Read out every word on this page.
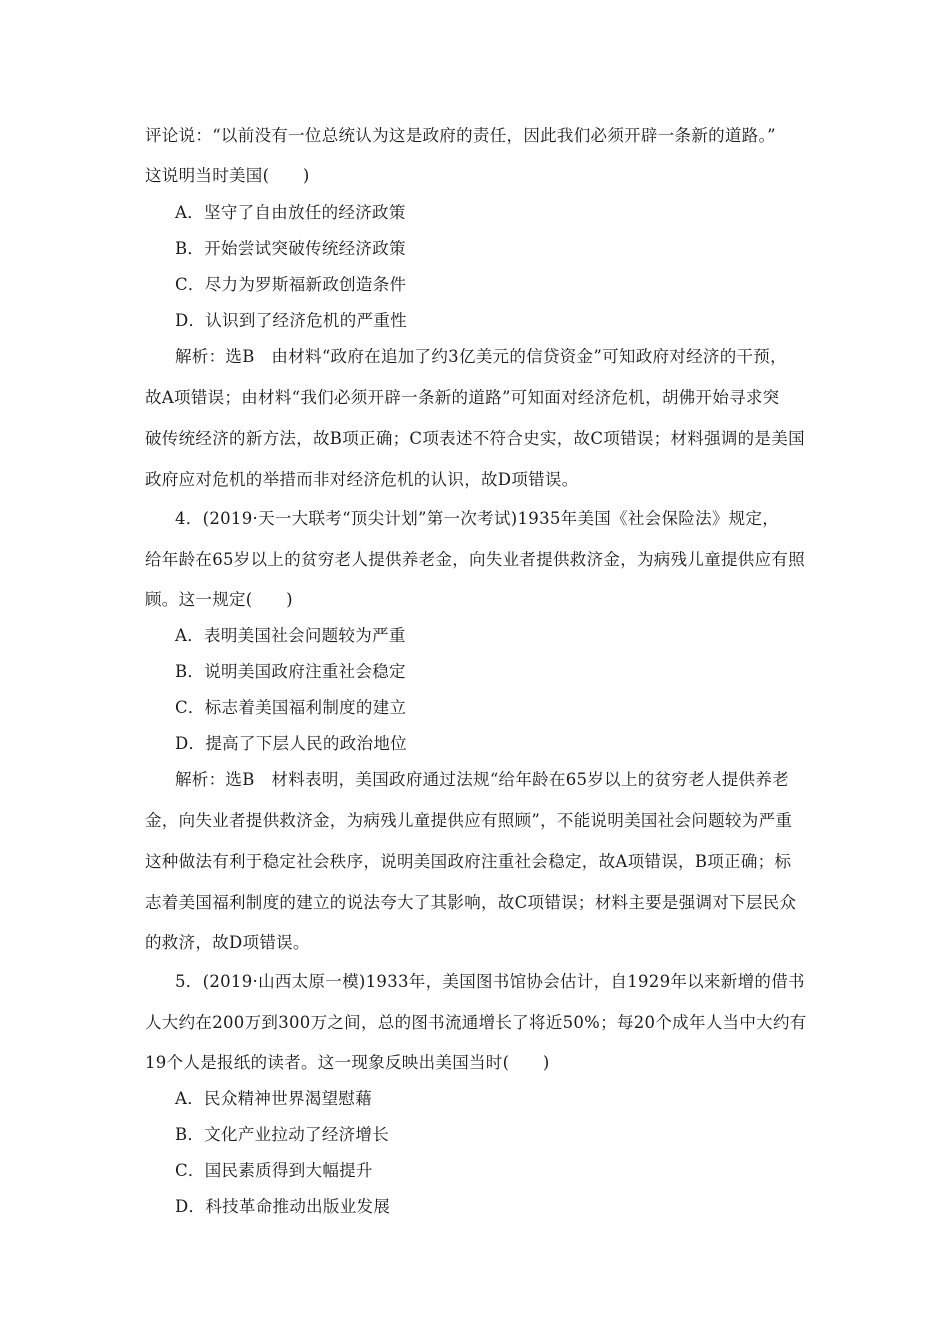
评论说：“以前没有一位总统认为这是政府的责任，因此我们必须开辟一条新的道路。”
这说明当时美国(　　)
A．坚守了自由放任的经济政策
B．开始尝试突破传统经济政策
C．尽力为罗斯福新政创造条件
D．认识到了经济危机的严重性
解析：选B　由材料“政府在追加了约3亿美元的信贷资金”可知政府对经济的干预，
故A项错误；由材料“我们必须开辟一条新的道路”可知面对经济危机，胡佛开始寻求突
破传统经济的新方法，故B项正确；C项表述不符合史实，故C项错误；材料强调的是美国
政府应对危机的举措而非对经济危机的认识，故D项错误。
4．(2019·天一大联考“顶尖计划”第一次考试)1935年美国《社会保险法》规定，
给年龄在65岁以上的贫穷老人提供养老金，向失业者提供救济金，为病残儿童提供应有照
顾。这一规定(　　)
A．表明美国社会问题较为严重
B．说明美国政府注重社会稳定
C．标志着美国福利制度的建立
D．提高了下层人民的政治地位
解析：选B　材料表明，美国政府通过法规“给年龄在65岁以上的贫穷老人提供养老
金，向失业者提供救济金，为病残儿童提供应有照顾”，不能说明美国社会问题较为严重
这种做法有利于稳定社会秩序，说明美国政府注重社会稳定，故A项错误，B项正确；标
志着美国福利制度的建立的说法夸大了其影响，故C项错误；材料主要是强调对下层民众
的救济，故D项错误。
5．(2019·山西太原一模)1933年，美国图书馆协会估计，自1929年以来新增的借书
人大约在200万到300万之间，总的图书流通增长了将近50%；每20个成年人当中大约有
19个人是报纸的读者。这一现象反映出美国当时(　　)
A．民众精神世界渴望慰藉
B．文化产业拉动了经济增长
C．国民素质得到大幅提升
D．科技革命推动出版业发展
